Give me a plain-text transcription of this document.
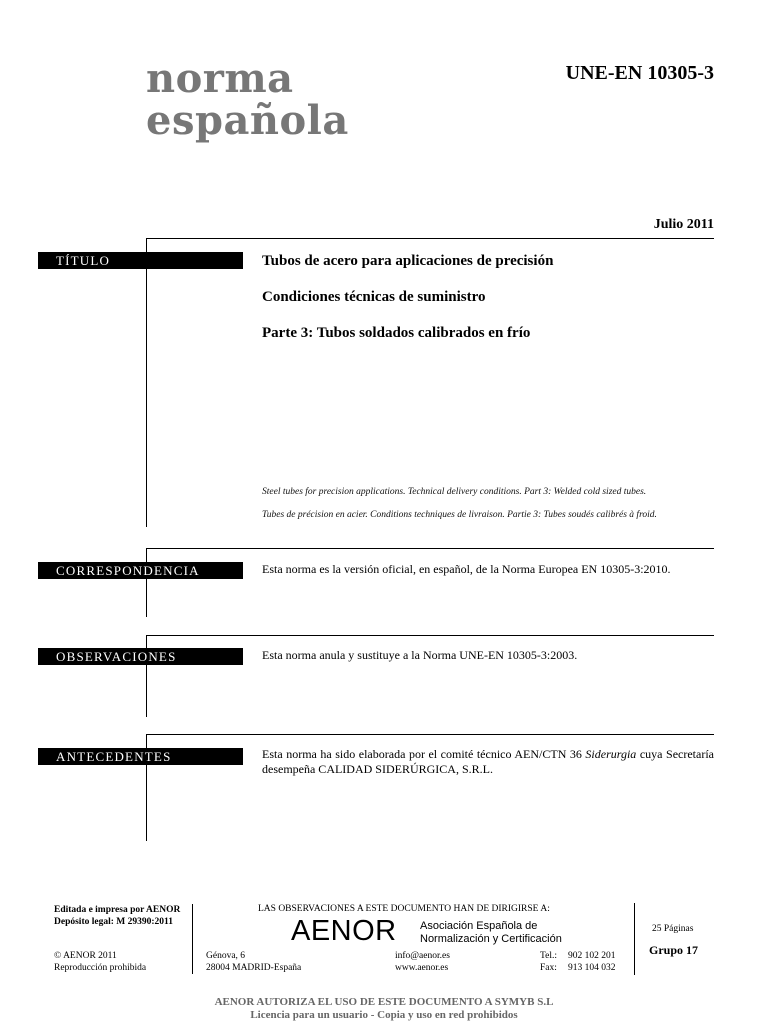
norma
española
UNE-EN 10305-3
Julio 2011
TÍTULO	Tubos de acero para aplicaciones de precisión
Condiciones técnicas de suministro
Parte 3: Tubos soldados calibrados en frío
Steel tubes for precision applications. Technical delivery conditions. Part 3: Welded cold sized tubes.
Tubes de précision en acier. Conditions techniques de livraison. Partie 3: Tubes soudés calibrés à froid.
CORRESPONDENCIA	Esta norma es la versión oficial, en español, de la Norma Europea EN 10305-3:2010.
OBSERVACIONES	Esta norma anula y sustituye a la Norma UNE-EN 10305-3:2003.
ANTECEDENTES	Esta norma ha sido elaborada por el comité técnico AEN/CTN 36 Siderurgia cuya Secretaría desempeña CALIDAD SIDERÚRGICA, S.R.L.
Editada e impresa por AENOR
Depósito legal: M 29390:2011
© AENOR 2011
Reproducción prohibida
LAS OBSERVACIONES A ESTE DOCUMENTO HAN DE DIRIGIRSE A:
AENOR Asociación Española de
Normalización y Certificación
Génova, 6
28004 MADRID-España
info@aenor.es
www.aenor.es
Tel.: 902 102 201
Fax: 913 104 032
25 Páginas
Grupo 17
AENOR AUTORIZA EL USO DE ESTE DOCUMENTO A SYMYB S.L
Licencia para un usuario - Copia y uso en red prohibidos
